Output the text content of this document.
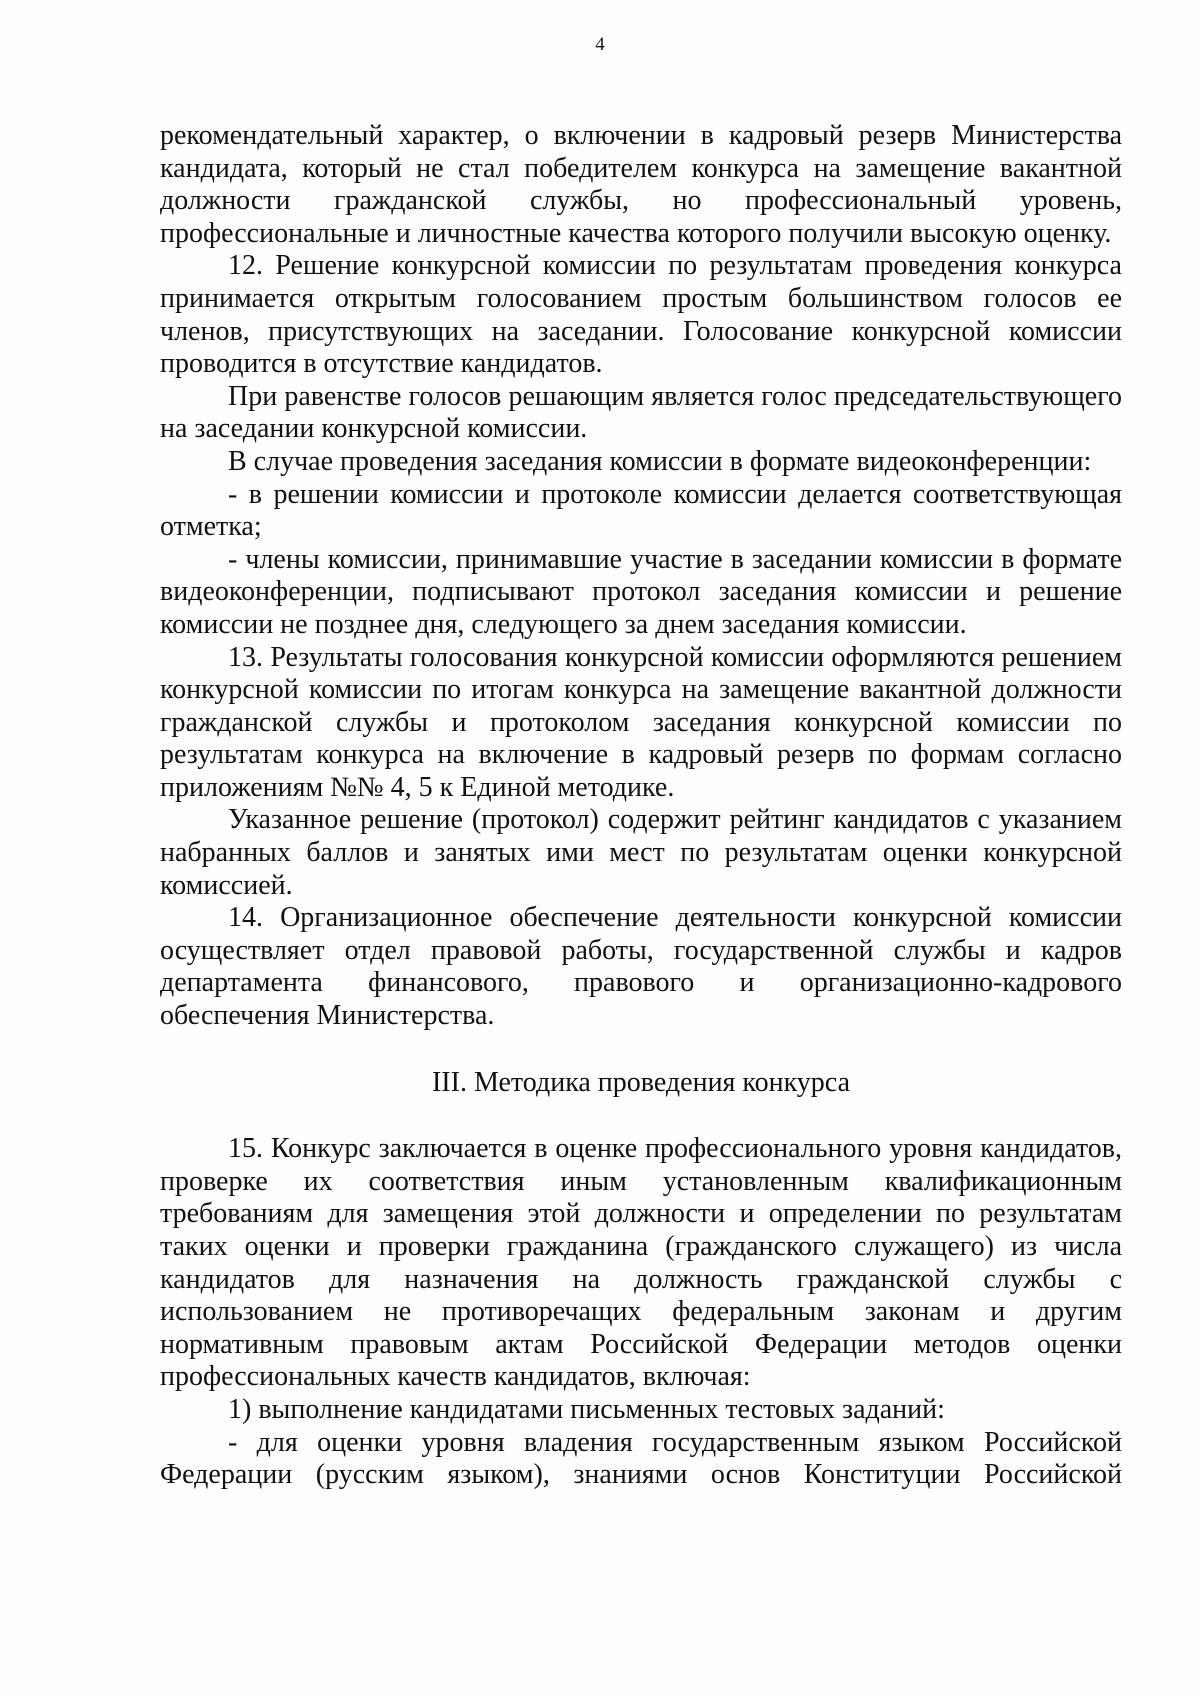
4

рекомендательный характер, о включении в кадровый резерв Министерства кандидата, который не стал победителем конкурса на замещение вакантной должности гражданской службы, но профессиональный уровень, профессиональные и личностные качества которого получили высокую оценку.

12. Решение конкурсной комиссии по результатам проведения конкурса принимается открытым голосованием простым большинством голосов ее членов, присутствующих на заседании. Голосование конкурсной комиссии проводится в отсутствие кандидатов.

При равенстве голосов решающим является голос председательствующего на заседании конкурсной комиссии.

В случае проведения заседания комиссии в формате видеоконференции:

- в решении комиссии и протоколе комиссии делается соответствующая отметка;

- члены комиссии, принимавшие участие в заседании комиссии в формате видеоконференции, подписывают протокол заседания комиссии и решение комиссии не позднее дня, следующего за днем заседания комиссии.

13. Результаты голосования конкурсной комиссии оформляются решением конкурсной комиссии по итогам конкурса на замещение вакантной должности гражданской службы и протоколом заседания конкурсной комиссии по результатам конкурса на включение в кадровый резерв по формам согласно приложениям №№ 4, 5 к Единой методике.

Указанное решение (протокол) содержит рейтинг кандидатов с указанием набранных баллов и занятых ими мест по результатам оценки конкурсной комиссией.

14. Организационное обеспечение деятельности конкурсной комиссии осуществляет отдел правовой работы, государственной службы и кадров департамента финансового, правового и организационно-кадрового обеспечения Министерства.

III. Методика проведения конкурса

15. Конкурс заключается в оценке профессионального уровня кандидатов, проверке их соответствия иным установленным квалификационным требованиям для замещения этой должности и определении по результатам таких оценки и проверки гражданина (гражданского служащего) из числа кандидатов для назначения на должность гражданской службы с использованием не противоречащих федеральным законам и другим нормативным правовым актам Российской Федерации методов оценки профессиональных качеств кандидатов, включая:

1) выполнение кандидатами письменных тестовых заданий:

- для оценки уровня владения государственным языком Российской Федерации (русским языком), знаниями основ Конституции Российской
